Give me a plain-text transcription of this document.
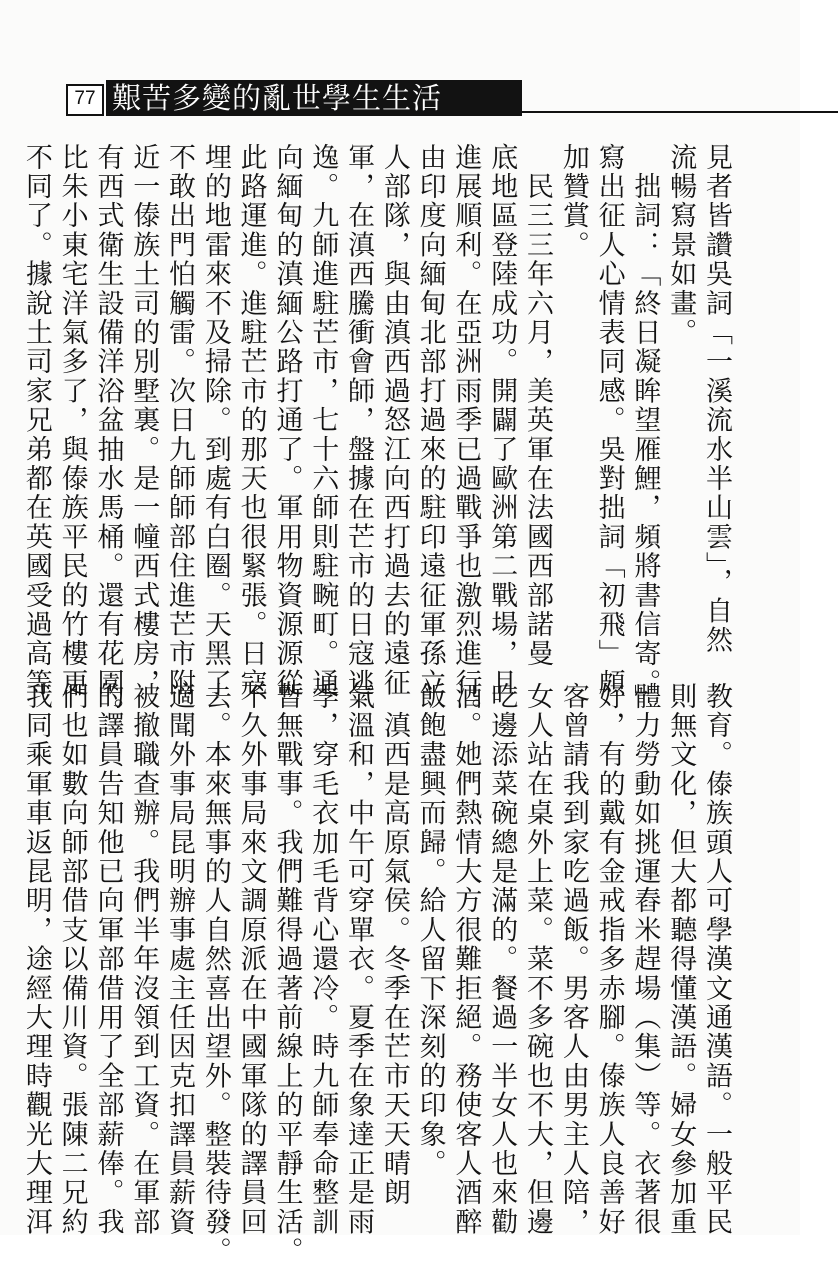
77 艱苦多變的亂世學生生活
見者皆讚吳詞「一溪流水半山雲」，自然
流暢寫景如畫。
　拙詞：「終日凝眸望雁鯉，頻將書信寄。」
寫出征人心情表同感。吳對拙詞「初飛」頗
加贊賞。
　民三三年六月，美英軍在法國西部諾曼
底地區登陸成功。開闢了歐洲第二戰場，且
進展順利。在亞洲雨季已過戰爭也激烈進行。
由印度向緬甸北部打過來的駐印遠征軍孫立
人部隊，與由滇西過怒江向西打過去的遠征
軍，在滇西騰衝會師，盤據在芒市的日寇逃
逸。九師進駐芒市，七十六師則駐畹町。通
向緬甸的滇緬公路打通了。軍用物資源源從
此路運進。進駐芒市的那天也很緊張。日寇
埋的地雷來不及掃除。到處有白圈。天黑了
不敢出門怕觸雷。次日九師師部住進芒市附
近一傣族土司的別墅裏。是一幢西式樓房，
有西式衛生設備洋浴盆抽水馬桶。還有花園。
比朱小東宅洋氣多了，與傣族平民的竹樓更
不同了。據說土司家兄弟都在英國受過高等
教育。傣族頭人可學漢文通漢語。一般平民
則無文化，但大都聽得懂漢語。婦女參加重
體力勞動如挑運舂米趕場（集）等。衣著很
好，有的戴有金戒指多赤腳。傣族人良善好
客曾請我到家吃過飯。男客人由男主人陪，
女人站在桌外上菜。菜不多碗也不大，但邊
吃邊添菜碗總是滿的。餐過一半女人也來勸
酒。她們熱情大方很難拒絕。務使客人酒醉
飯飽盡興而歸。給人留下深刻的印象。
　滇西是高原氣侯。冬季在芒市天天晴朗
氣溫和，中午可穿單衣。夏季在象達正是雨
季，穿毛衣加毛背心還冷。時九師奉命整訓
暫無戰事。我們難得過著前線上的平靜生活。
不久外事局來文調原派在中國軍隊的譯員回
去。本來無事的人自然喜出望外。整裝待發。
適聞外事局昆明辦事處主任因克扣譯員薪資
被撤職查辦。我們半年沒領到工資。在軍部
的譯員告知他已向軍部借用了全部薪俸。我
們也如數向師部借支以備川資。張陳二兄約
我同乘軍車返昆明，途經大理時觀光大理洱
